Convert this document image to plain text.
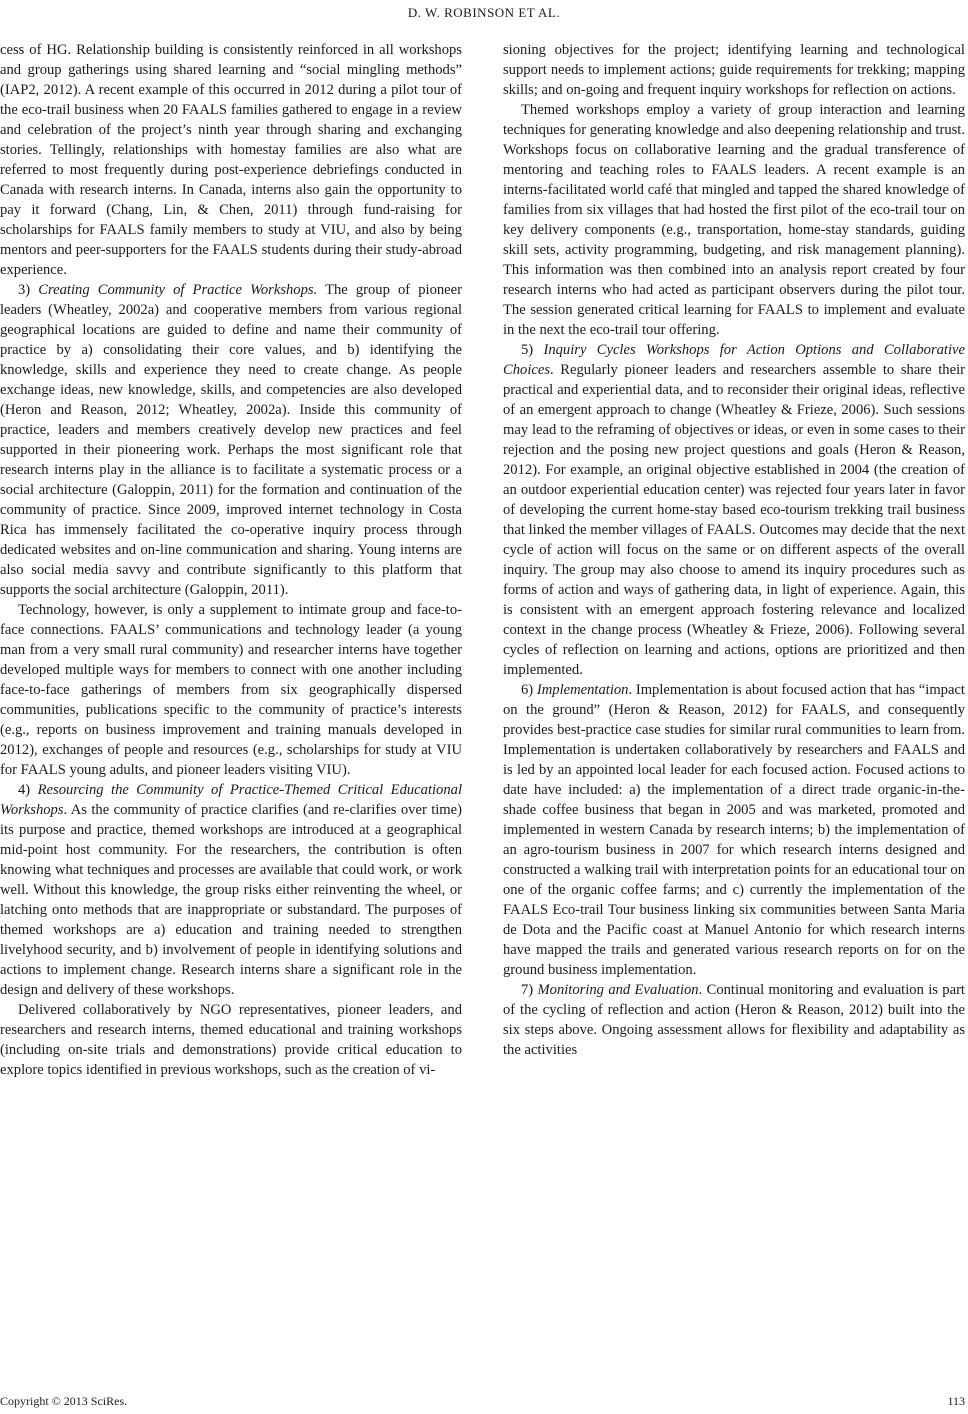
D. W. ROBINSON ET AL.

cess of HG. Relationship building is consistently reinforced in all workshops and group gatherings using shared learning and “social mingling methods” (IAP2, 2012). A recent example of this occurred in 2012 during a pilot tour of the eco-trail business when 20 FAALS families gathered to engage in a review and celebration of the project’s ninth year through sharing and exchanging stories. Tellingly, relationships with homestay families are also what are referred to most frequently during post-experience debriefings conducted in Canada with research interns. In Canada, interns also gain the opportunity to pay it forward (Chang, Lin, & Chen, 2011) through fund-raising for scholarships for FAALS family members to study at VIU, and also by being mentors and peer-supporters for the FAALS students during their study-abroad experience.

3) Creating Community of Practice Workshops. The group of pioneer leaders (Wheatley, 2002a) and cooperative members from various regional geographical locations are guided to define and name their community of practice by a) consolidating their core values, and b) identifying the knowledge, skills and experience they need to create change. As people exchange ideas, new knowledge, skills, and competencies are also developed (Heron and Reason, 2012; Wheatley, 2002a). Inside this community of practice, leaders and members creatively develop new practices and feel supported in their pioneering work. Perhaps the most significant role that research interns play in the alliance is to facilitate a systematic process or a social architecture (Galoppin, 2011) for the formation and continuation of the community of practice. Since 2009, improved internet technology in Costa Rica has immensely facilitated the co-operative inquiry process through dedicated websites and on-line communication and sharing. Young interns are also social media savvy and contribute significantly to this platform that supports the social architecture (Galoppin, 2011).

Technology, however, is only a supplement to intimate group and face-to-face connections. FAALS’ communications and technology leader (a young man from a very small rural community) and researcher interns have together developed multiple ways for members to connect with one another including face-to-face gatherings of members from six geographically dispersed communities, publications specific to the community of practice’s interests (e.g., reports on business improvement and training manuals developed in 2012), exchanges of people and resources (e.g., scholarships for study at VIU for FAALS young adults, and pioneer leaders visiting VIU).

4) Resourcing the Community of Practice-Themed Critical Educational Workshops. As the community of practice clarifies (and re-clarifies over time) its purpose and practice, themed workshops are introduced at a geographical mid-point host community. For the researchers, the contribution is often knowing what techniques and processes are available that could work, or work well. Without this knowledge, the group risks either reinventing the wheel, or latching onto methods that are inappropriate or substandard. The purposes of themed workshops are a) education and training needed to strengthen livelyhood security, and b) involvement of people in identifying solutions and actions to implement change. Research interns share a significant role in the design and delivery of these workshops.

Delivered collaboratively by NGO representatives, pioneer leaders, and researchers and research interns, themed educational and training workshops (including on-site trials and demonstrations) provide critical education to explore topics identified in previous workshops, such as the creation of vi-

sioning objectives for the project; identifying learning and technological support needs to implement actions; guide requirements for trekking; mapping skills; and on-going and frequent inquiry workshops for reflection on actions.

Themed workshops employ a variety of group interaction and learning techniques for generating knowledge and also deepening relationship and trust. Workshops focus on collaborative learning and the gradual transference of mentoring and teaching roles to FAALS leaders. A recent example is an interns-facilitated world café that mingled and tapped the shared knowledge of families from six villages that had hosted the first pilot of the eco-trail tour on key delivery components (e.g., transportation, home-stay standards, guiding skill sets, activity programming, budgeting, and risk management planning). This information was then combined into an analysis report created by four research interns who had acted as participant observers during the pilot tour. The session generated critical learning for FAALS to implement and evaluate in the next the eco-trail tour offering.

5) Inquiry Cycles Workshops for Action Options and Collaborative Choices. Regularly pioneer leaders and researchers assemble to share their practical and experiential data, and to reconsider their original ideas, reflective of an emergent approach to change (Wheatley & Frieze, 2006). Such sessions may lead to the reframing of objectives or ideas, or even in some cases to their rejection and the posing new project questions and goals (Heron & Reason, 2012). For example, an original objective established in 2004 (the creation of an outdoor experiential education center) was rejected four years later in favor of developing the current home-stay based eco-tourism trekking trail business that linked the member villages of FAALS. Outcomes may decide that the next cycle of action will focus on the same or on different aspects of the overall inquiry. The group may also choose to amend its inquiry procedures such as forms of action and ways of gathering data, in light of experience. Again, this is consistent with an emergent approach fostering relevance and localized context in the change process (Wheatley & Frieze, 2006). Following several cycles of reflection on learning and actions, options are prioritized and then implemented.

6) Implementation. Implementation is about focused action that has “impact on the ground” (Heron & Reason, 2012) for FAALS, and consequently provides best-practice case studies for similar rural communities to learn from. Implementation is undertaken collaboratively by researchers and FAALS and is led by an appointed local leader for each focused action. Focused actions to date have included: a) the implementation of a direct trade organic-in-the-shade coffee business that began in 2005 and was marketed, promoted and implemented in western Canada by research interns; b) the implementation of an agro-tourism business in 2007 for which research interns designed and constructed a walking trail with interpretation points for an educational tour on one of the organic coffee farms; and c) currently the implementation of the FAALS Eco-trail Tour business linking six communities between Santa Maria de Dota and the Pacific coast at Manuel Antonio for which research interns have mapped the trails and generated various research reports on for on the ground business implementation.

7) Monitoring and Evaluation. Continual monitoring and evaluation is part of the cycling of reflection and action (Heron & Reason, 2012) built into the six steps above. Ongoing assessment allows for flexibility and adaptability as the activities

Copyright © 2013 SciRes.	113
